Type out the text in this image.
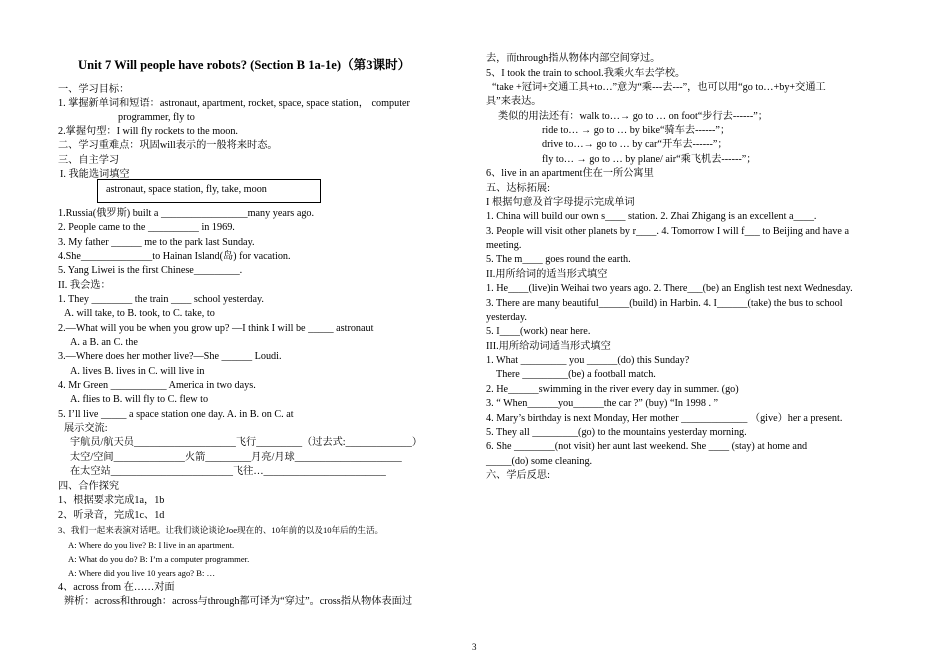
Unit 7 Will people have robots? (Section B 1a-1e)（第3课时）
一、学习目标：
1. 掌握新单词和短语：astronaut, apartment, rocket, space, space station， computer
programmer, fly to
2.掌握句型：I will fly rockets to the moon.
二、学习重难点：巩固will表示的一般将来时态。
三、自主学习
I. 我能选词填空
astronaut, space station, fly, take, moon
1.Russia(俄罗斯) built a _________________many years ago.
2. People came to the __________ in 1969.
3. My father ______ me to the park last Sunday.
4.She______________to Hainan Island(岛) for vacation.
5. Yang Liwei is the first Chinese_________.
II. 我会选：
1. They ________ the train ____ school yesterday.
A. will take, to B. took, to C. take, to
2.—What will you be when you grow up? —I think I will be _____ astronaut
A. a B. an C. the
3.—Where does her mother live?—She ______ Loudi.
A. lives B. lives in C. will live in
4. Mr Green ___________ America in two days.
A. flies to B. will fly to C. flew to
5. I’ll live _____ a space station one day. A. in B. on C. at
展示交流:
宇航员/航天员____________________飞行_________（过去式:_____________）
太空/空间______________火箭_________月亮/月球_____________________
在太空站________________________飞往…________________________
四、合作探究
1、根据要求完成1a，1b
2、听录音，完成1c、1d
3、我们一起来表演对话吧。让我们谈论谈论Joe现在的、10年前的以及10年后的生活。
A: Where do you live? B: I live in an apartment.
A: What do you do? B: I’m a computer programmer.
A: Where did you live 10 years ago? B: …
4、across from 在……对面
辨析：across和through：across与through都可译为“穿过”。cross指从物体表面过
去，而through指从物体内部空间穿过。
5、I took the train to school.我乘火车去学校。
“take +冠词+交通工具+to…”意为“乘---去---”，也可以用“go to…+by+交通工
具”来表达。
类似的用法还有：walk to…→ go to … on foot“步行去------”；
ride to… → go to … by bike“骑车去------”；
drive to…→ go to … by car“开车去------”；
fly to… → go to … by plane/ air“乘飞机去------”；
6、live in an apartment住在一所公寓里
五、达标拓展:
I 根据句意及首字母提示完成单词
1. China will build our own s____ station. 2. Zhai Zhigang is an excellent a____.
3. People will visit other planets by r____. 4. Tomorrow I will f___ to Beijing and have a
meeting.
5. The m____ goes round the earth.
II.用所给词的适当形式填空
1. He____(live)in Weihai two years ago. 2. There___(be) an English test next Wednesday.
3. There are many beautiful______(build) in Harbin. 4. I______(take) the bus to school
yesterday.
5. I____(work) near here.
III.用所给动词适当形式填空
1. What _________ you ______(do) this Sunday?
There _________(be) a football match.
2. He______swimming in the river every day in summer. (go)
3. “ When______you______the car ?” (buy) “In 1998 . ”
4. Mary’s birthday is next Monday, Her mother _____________ （give）her a present.
5. They all _________(go) to the mountains yesterday morning.
6. She ________(not visit) her aunt last weekend. She ____ (stay) at home and
_____(do) some cleaning.
六、学后反思:
3
